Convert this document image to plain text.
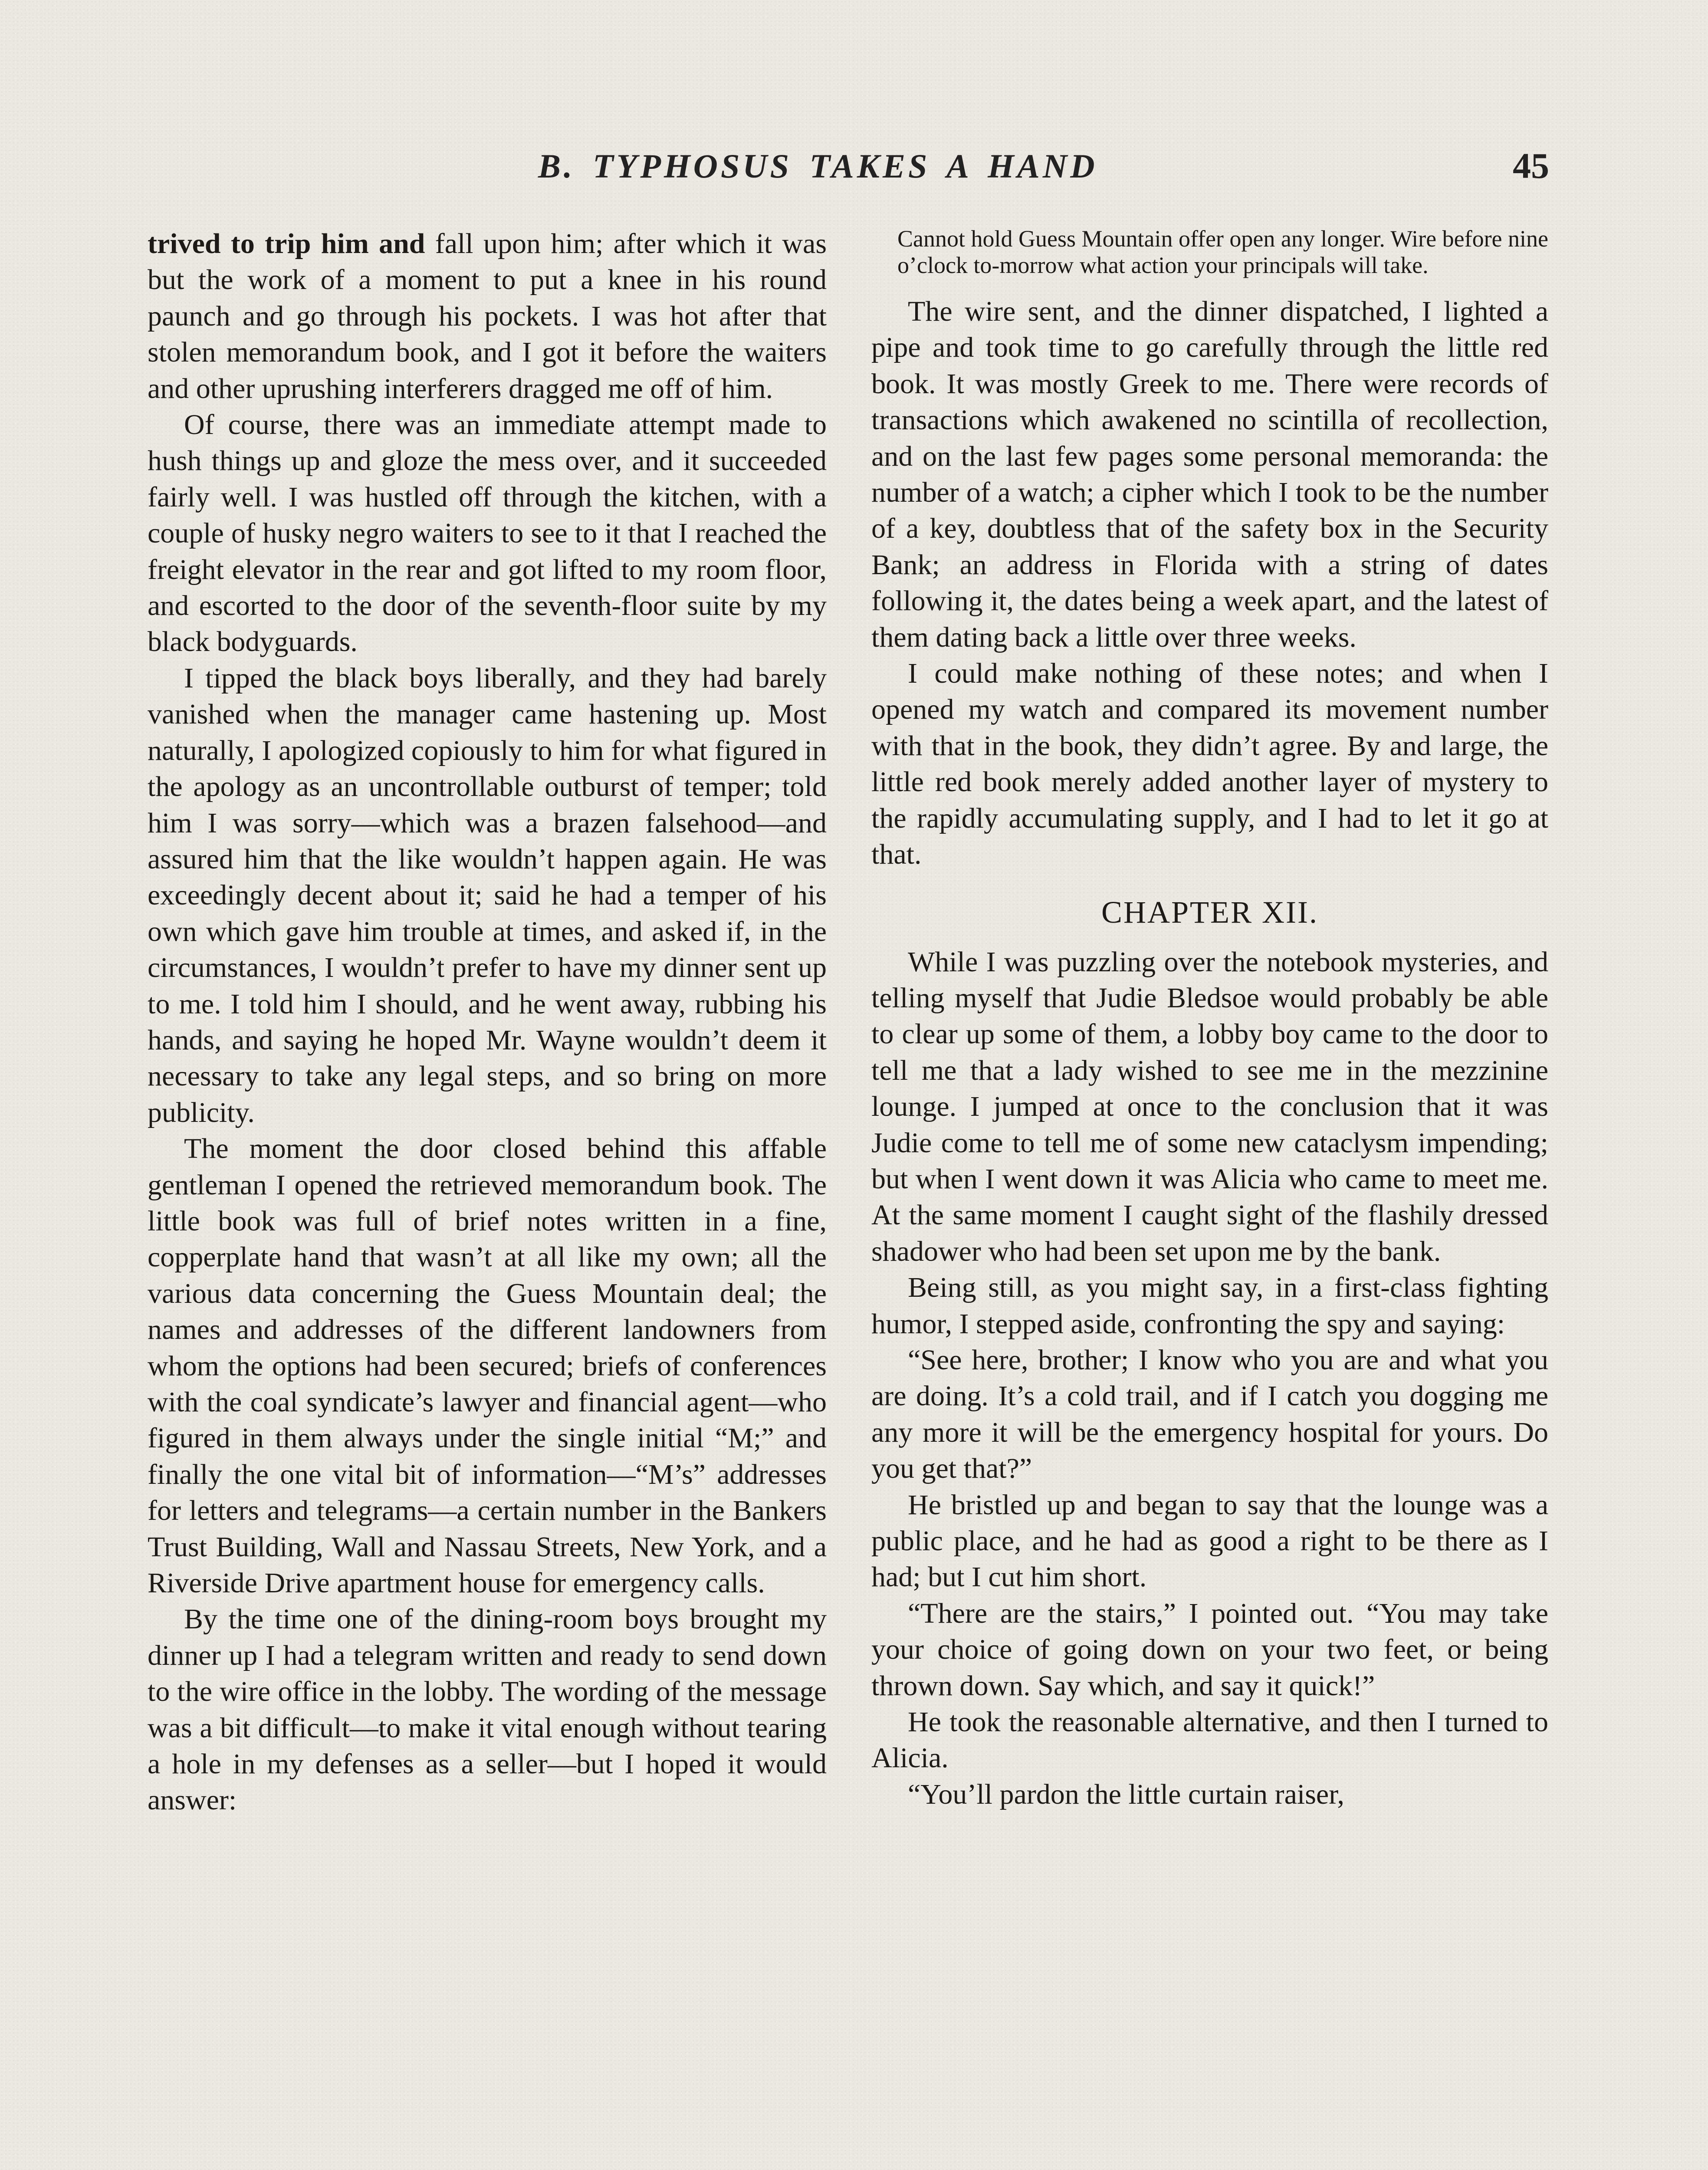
B. TYPHOSUS TAKES A HAND	45

trived to trip him and fall upon him; after which it was but the work of a moment to put a knee in his round paunch and go through his pockets. I was hot after that stolen memorandum book, and I got it before the waiters and other uprushing interferers dragged me off of him.

Of course, there was an immediate attempt made to hush things up and gloze the mess over, and it succeeded fairly well. I was hustled off through the kitchen, with a couple of husky negro waiters to see to it that I reached the freight elevator in the rear and got lifted to my room floor, and escorted to the door of the seventh-floor suite by my black bodyguards.

I tipped the black boys liberally, and they had barely vanished when the manager came hastening up. Most naturally, I apologized copiously to him for what figured in the apology as an uncontrollable outburst of temper; told him I was sorry—which was a brazen falsehood—and assured him that the like wouldn’t happen again. He was exceedingly decent about it; said he had a temper of his own which gave him trouble at times, and asked if, in the circumstances, I wouldn’t prefer to have my dinner sent up to me. I told him I should, and he went away, rubbing his hands, and saying he hoped Mr. Wayne wouldn’t deem it necessary to take any legal steps, and so bring on more publicity.

The moment the door closed behind this affable gentleman I opened the retrieved memorandum book. The little book was full of brief notes written in a fine, copperplate hand that wasn’t at all like my own; all the various data concerning the Guess Mountain deal; the names and addresses of the different landowners from whom the options had been secured; briefs of conferences with the coal syndicate’s lawyer and financial agent—who figured in them always under the single initial “M;” and finally the one vital bit of information—“M’s” addresses for letters and telegrams—a certain number in the Bankers Trust Building, Wall and Nassau Streets, New York, and a Riverside Drive apartment house for emergency calls.

By the time one of the dining-room boys brought my dinner up I had a telegram written and ready to send down to the wire office in the lobby. The wording of the message was a bit difficult—to make it vital enough without tearing a hole in my defenses as a seller—but I hoped it would answer:

Cannot hold Guess Mountain offer open any longer. Wire before nine o’clock to-morrow what action your principals will take.

The wire sent, and the dinner dispatched, I lighted a pipe and took time to go carefully through the little red book. It was mostly Greek to me. There were records of transactions which awakened no scintilla of recollection, and on the last few pages some personal memoranda: the number of a watch; a cipher which I took to be the number of a key, doubtless that of the safety box in the Security Bank; an address in Florida with a string of dates following it, the dates being a week apart, and the latest of them dating back a little over three weeks.

I could make nothing of these notes; and when I opened my watch and compared its movement number with that in the book, they didn’t agree. By and large, the little red book merely added another layer of mystery to the rapidly accumulating supply, and I had to let it go at that.

CHAPTER XII.

While I was puzzling over the notebook mysteries, and telling myself that Judie Bledsoe would probably be able to clear up some of them, a lobby boy came to the door to tell me that a lady wished to see me in the mezzinine lounge. I jumped at once to the conclusion that it was Judie come to tell me of some new cataclysm impending; but when I went down it was Alicia who came to meet me. At the same moment I caught sight of the flashily dressed shadower who had been set upon me by the bank.

Being still, as you might say, in a first-class fighting humor, I stepped aside, confronting the spy and saying:

“See here, brother; I know who you are and what you are doing. It’s a cold trail, and if I catch you dogging me any more it will be the emergency hospital for yours. Do you get that?”

He bristled up and began to say that the lounge was a public place, and he had as good a right to be there as I had; but I cut him short.

“There are the stairs,” I pointed out. “You may take your choice of going down on your two feet, or being thrown down. Say which, and say it quick!”

He took the reasonable alternative, and then I turned to Alicia.

“You’ll pardon the little curtain raiser,
